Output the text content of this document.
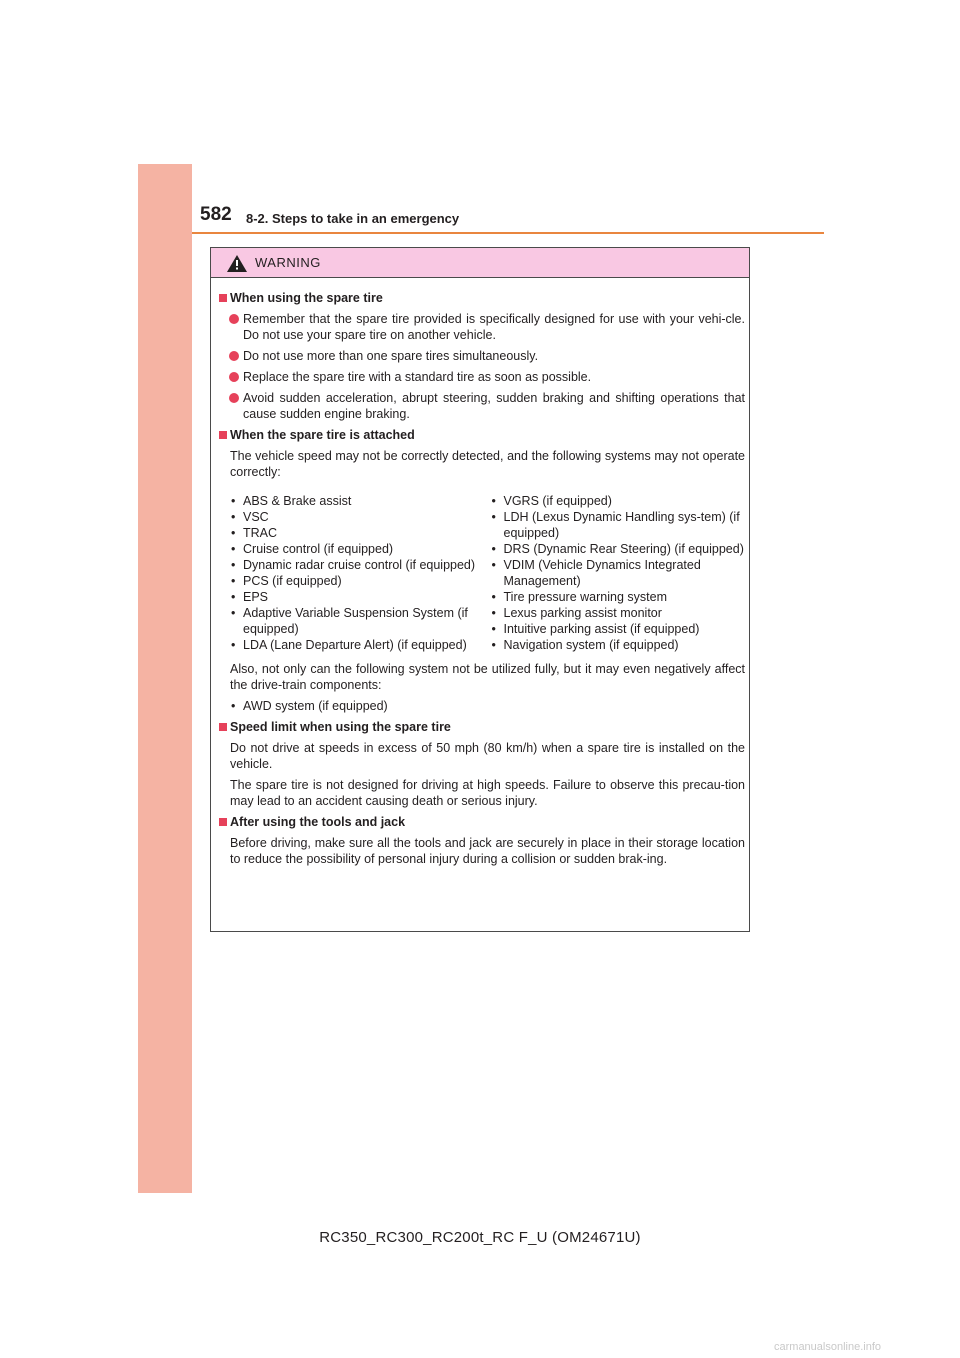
582 8-2. Steps to take in an emergency
WARNING
When using the spare tire
Remember that the spare tire provided is specifically designed for use with your vehi-cle. Do not use your spare tire on another vehicle.
Do not use more than one spare tires simultaneously.
Replace the spare tire with a standard tire as soon as possible.
Avoid sudden acceleration, abrupt steering, sudden braking and shifting operations that cause sudden engine braking.
When the spare tire is attached
The vehicle speed may not be correctly detected, and the following systems may not operate correctly:
• ABS & Brake assist
• VSC
• TRAC
• Cruise control (if equipped)
• Dynamic radar cruise control (if equipped)
• PCS (if equipped)
• EPS
• Adaptive Variable Suspension System (if equipped)
• LDA (Lane Departure Alert) (if equipped)
• VGRS (if equipped)
• LDH (Lexus Dynamic Handling sys-tem) (if equipped)
• DRS (Dynamic Rear Steering) (if equipped)
• VDIM (Vehicle Dynamics Integrated Management)
• Tire pressure warning system
• Lexus parking assist monitor
• Intuitive parking assist (if equipped)
• Navigation system (if equipped)
Also, not only can the following system not be utilized fully, but it may even negatively affect the drive-train components:
• AWD system (if equipped)
Speed limit when using the spare tire
Do not drive at speeds in excess of 50 mph (80 km/h) when a spare tire is installed on the vehicle.
The spare tire is not designed for driving at high speeds. Failure to observe this precau-tion may lead to an accident causing death or serious injury.
After using the tools and jack
Before driving, make sure all the tools and jack are securely in place in their storage location to reduce the possibility of personal injury during a collision or sudden brak-ing.
RC350_RC300_RC200t_RC F_U (OM24671U)
carmanualsonline.info
